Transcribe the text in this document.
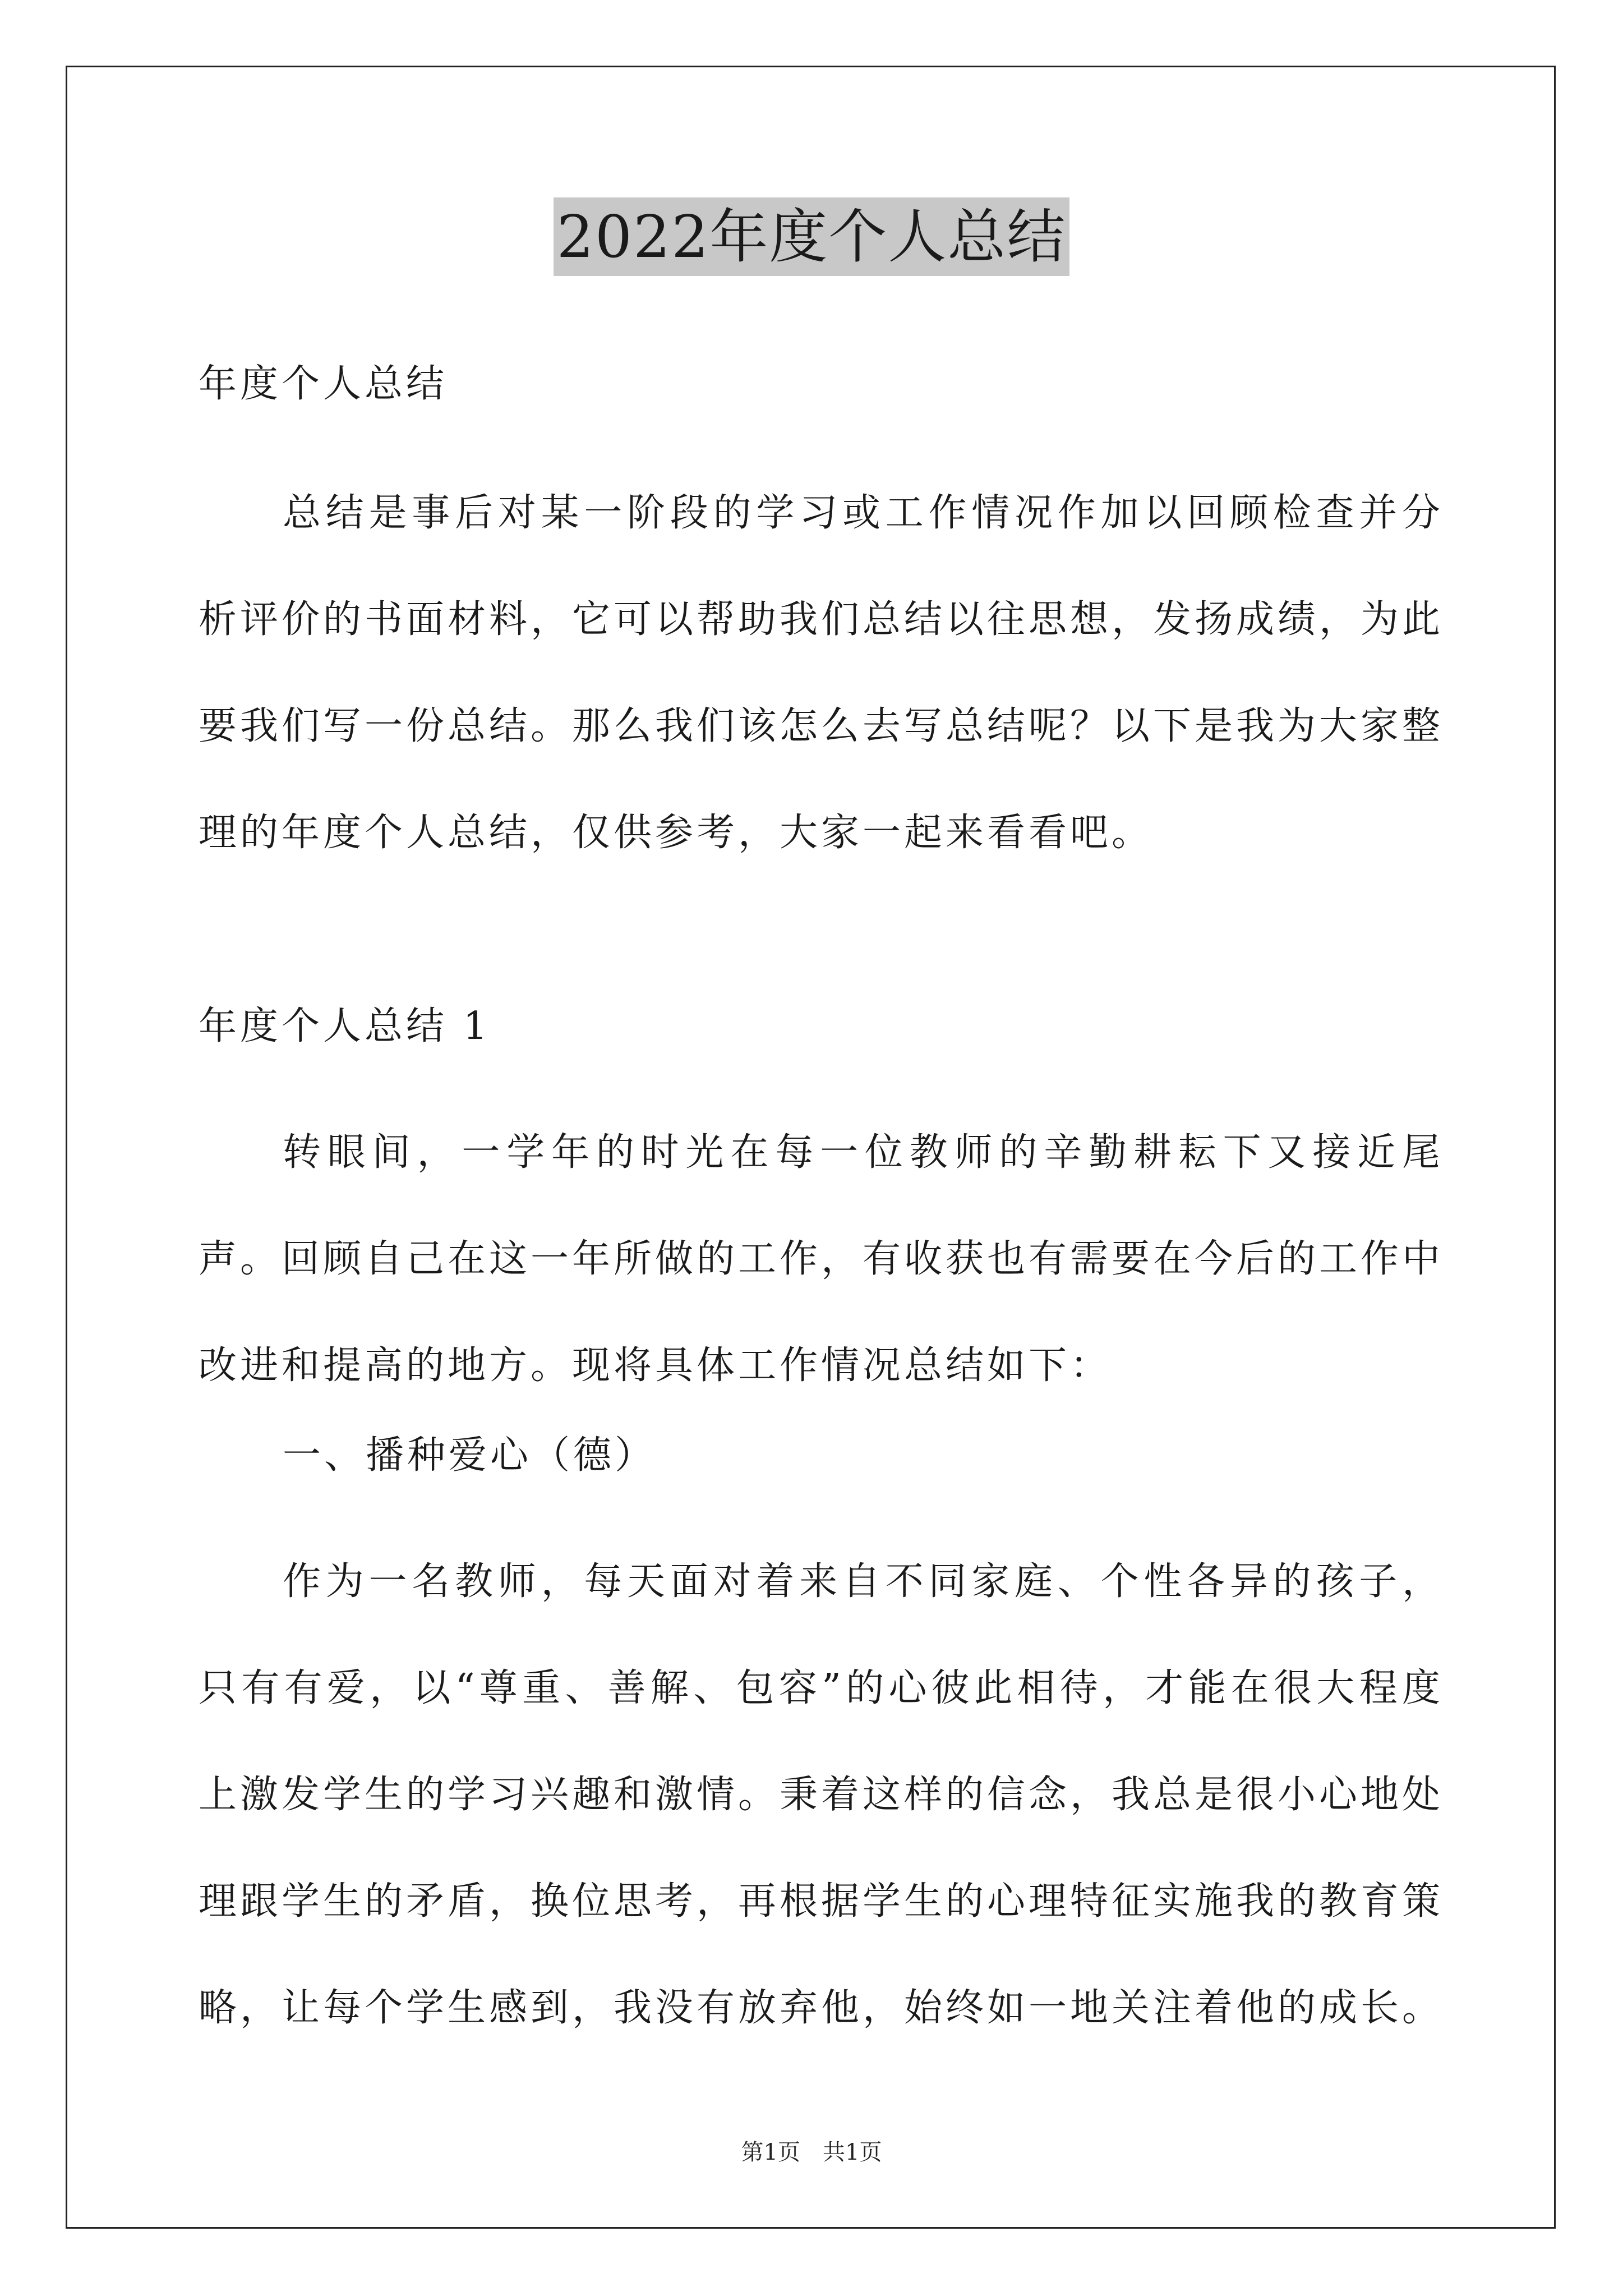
2022年度个人总结
年度个人总结

总结是事后对某一阶段的学习或工作情况作加以回顾检查并分析评价的书面材料，它可以帮助我们总结以往思想，发扬成绩，为此要我们写一份总结。那么我们该怎么去写总结呢？以下是我为大家整理的年度个人总结，仅供参考，大家一起来看看吧。

年度个人总结 1

转眼间，一学年的时光在每一位教师的辛勤耕耘下又接近尾声。回顾自己在这一年所做的工作，有收获也有需要在今后的工作中改进和提高的地方。现将具体工作情况总结如下：

一、播种爱心（德）

作为一名教师，每天面对着来自不同家庭、个性各异的孩子，只有有爱，以“尊重、善解、包容”的心彼此相待，才能在很大程度上激发学生的学习兴趣和激情。秉着这样的信念，我总是很小心地处理跟学生的矛盾，换位思考，再根据学生的心理特征实施我的教育策略，让每个学生感到，我没有放弃他，始终如一地关注着他的成长。

第1页　共1页
